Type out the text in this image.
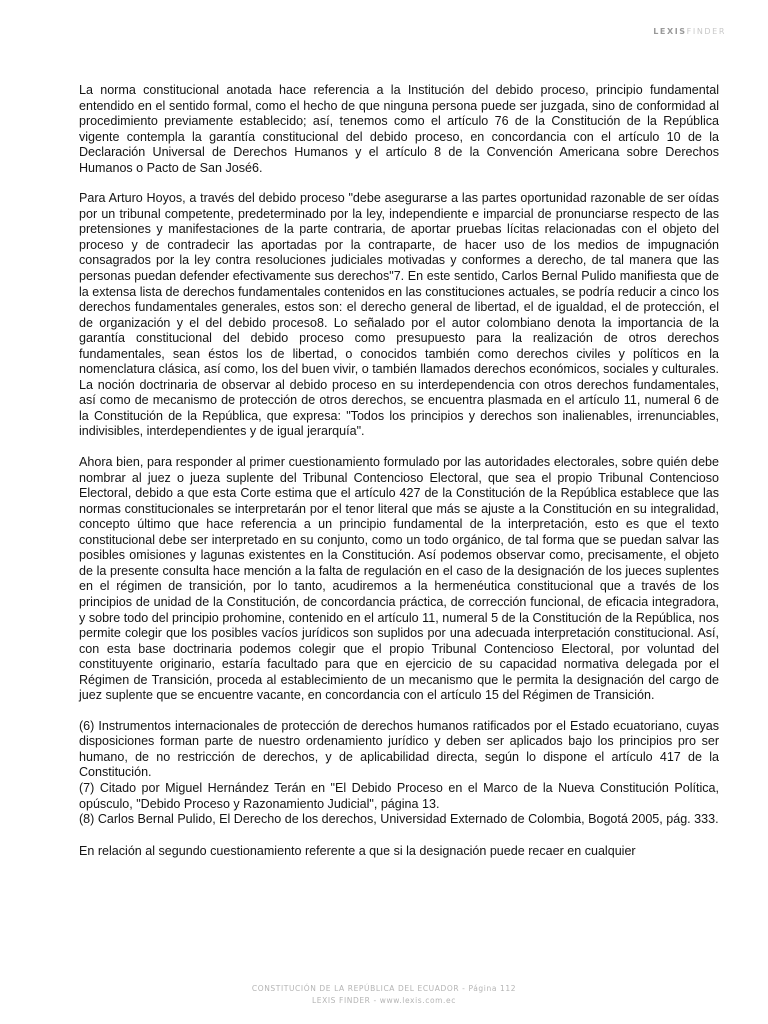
LEXISFINDER

La norma constitucional anotada hace referencia a la Institución del debido proceso, principio fundamental entendido en el sentido formal, como el hecho de que ninguna persona puede ser juzgada, sino de conformidad al procedimiento previamente establecido; así, tenemos como el artículo 76 de la Constitución de la República vigente contempla la garantía constitucional del debido proceso, en concordancia con el artículo 10 de la Declaración Universal de Derechos Humanos y el artículo 8 de la Convención Americana sobre Derechos Humanos o Pacto de San José6.

Para Arturo Hoyos, a través del debido proceso "debe asegurarse a las partes oportunidad razonable de ser oídas por un tribunal competente, predeterminado por la ley, independiente e imparcial de pronunciarse respecto de las pretensiones y manifestaciones de la parte contraria, de aportar pruebas lícitas relacionadas con el objeto del proceso y de contradecir las aportadas por la contraparte, de hacer uso de los medios de impugnación consagrados por la ley contra resoluciones judiciales motivadas y conformes a derecho, de tal manera que las personas puedan defender efectivamente sus derechos"7. En este sentido, Carlos Bernal Pulido manifiesta que de la extensa lista de derechos fundamentales contenidos en las constituciones actuales, se podría reducir a cinco los derechos fundamentales generales, estos son: el derecho general de libertad, el de igualdad, el de protección, el de organización y el del debido proceso8. Lo señalado por el autor colombiano denota la importancia de la garantía constitucional del debido proceso como presupuesto para la realización de otros derechos fundamentales, sean éstos los de libertad, o conocidos también como derechos civiles y políticos en la nomenclatura clásica, así como, los del buen vivir, o también llamados derechos económicos, sociales y culturales. La noción doctrinaria de observar al debido proceso en su interdependencia con otros derechos fundamentales, así como de mecanismo de protección de otros derechos, se encuentra plasmada en el artículo 11, numeral 6 de la Constitución de la República, que expresa: "Todos los principios y derechos son inalienables, irrenunciables, indivisibles, interdependientes y de igual jerarquía".

Ahora bien, para responder al primer cuestionamiento formulado por las autoridades electorales, sobre quién debe nombrar al juez o jueza suplente del Tribunal Contencioso Electoral, que sea el propio Tribunal Contencioso Electoral, debido a que esta Corte estima que el artículo 427 de la Constitución de la República establece que las normas constitucionales se interpretarán por el tenor literal que más se ajuste a la Constitución en su integralidad, concepto último que hace referencia a un principio fundamental de la interpretación, esto es que el texto constitucional debe ser interpretado en su conjunto, como un todo orgánico, de tal forma que se puedan salvar las posibles omisiones y lagunas existentes en la Constitución. Así podemos observar como, precisamente, el objeto de la presente consulta hace mención a la falta de regulación en el caso de la designación de los jueces suplentes en el régimen de transición, por lo tanto, acudiremos a la hermenéutica constitucional que a través de los principios de unidad de la Constitución, de concordancia práctica, de corrección funcional, de eficacia integradora, y sobre todo del principio prohomine, contenido en el artículo 11, numeral 5 de la Constitución de la República, nos permite colegir que los posibles vacíos jurídicos son suplidos por una adecuada interpretación constitucional. Así, con esta base doctrinaria podemos colegir que el propio Tribunal Contencioso Electoral, por voluntad del constituyente originario, estaría facultado para que en ejercicio de su capacidad normativa delegada por el Régimen de Transición, proceda al establecimiento de un mecanismo que le permita la designación del cargo de juez suplente que se encuentre vacante, en concordancia con el artículo 15 del Régimen de Transición.

(6) Instrumentos internacionales de protección de derechos humanos ratificados por el Estado ecuatoriano, cuyas disposiciones forman parte de nuestro ordenamiento jurídico y deben ser aplicados bajo los principios pro ser humano, de no restricción de derechos, y de aplicabilidad directa, según lo dispone el artículo 417 de la Constitución.
(7) Citado por Miguel Hernández Terán en "El Debido Proceso en el Marco de la Nueva Constitución Política, opúsculo, "Debido Proceso y Razonamiento Judicial", página 13.
(8) Carlos Bernal Pulido, El Derecho de los derechos, Universidad Externado de Colombia, Bogotá 2005, pág. 333.

En relación al segundo cuestionamiento referente a que si la designación puede recaer en cualquier

CONSTITUCIÓN DE LA REPÚBLICA DEL ECUADOR - Página 112
LEXIS FINDER - www.lexis.com.ec
